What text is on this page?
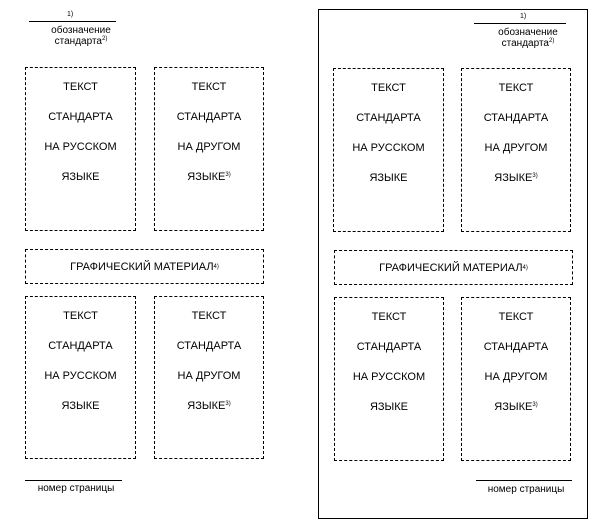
1)
обозначение
стандарта$^{2)}$
ТЕКСТ
СТАНДАРТА
НА РУССКОМ
ЯЗЫКЕ
ТЕКСТ
СТАНДАРТА
НА ДРУГОМ
ЯЗЫКЕ$^{3)}$
ГРАФИЧЕСКИЙ МАТЕРИАЛ 4)
ТЕКСТ
СТАНДАРТА
НА РУССКОМ
ЯЗЫКЕ
ТЕКСТ
СТАНДАРТА
НА ДРУГОМ
ЯЗЫКЕ$^{3)}$
номер страницы
1)
обозначение
стандарта$^{2)}$
ТЕКСТ
СТАНДАРТА
НА РУССКОМ
ЯЗЫКЕ
ТЕКСТ
СТАНДАРТА
НА ДРУГОМ
ЯЗЫКЕ$^{3)}$
ГРАФИЧЕСКИЙ МАТЕРИАЛ 4)
ТЕКСТ
СТАНДАРТА
НА РУССКОМ
ЯЗЫКЕ
ТЕКСТ
СТАНДАРТА
НА ДРУГОМ
ЯЗЫКЕ$^{3)}$
номер страницы
